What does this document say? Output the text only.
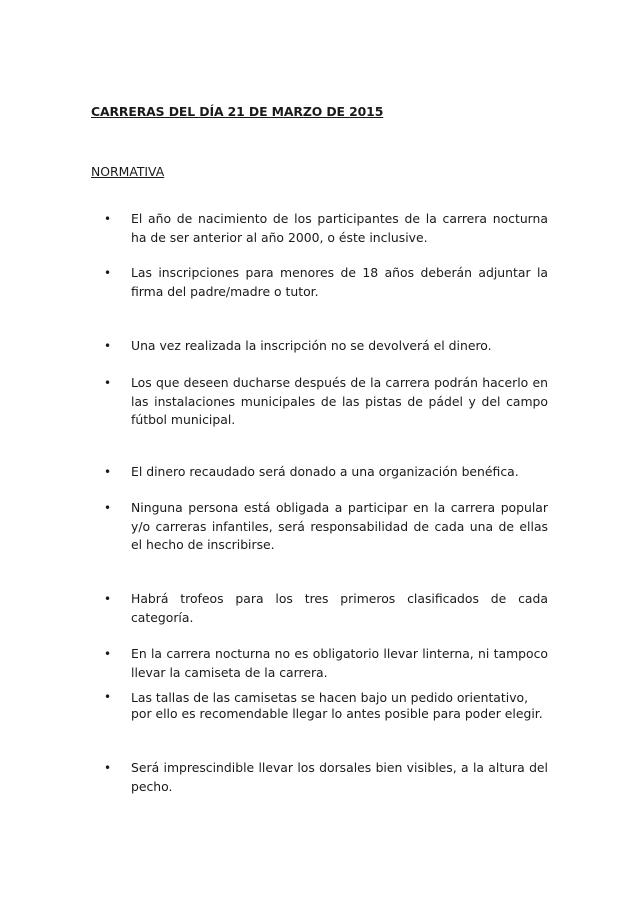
CARRERAS DEL DÍA 21 DE MARZO DE 2015
NORMATIVA
• El año de nacimiento de los participantes de la carrera nocturna ha de ser anterior al año 2000, o éste inclusive.
• Las inscripciones para menores de 18 años deberán adjuntar la firma del padre/madre o tutor.
• Una vez realizada la inscripción no se devolverá el dinero.
• Los que deseen ducharse después de la carrera podrán hacerlo en las instalaciones municipales de las pistas de pádel y del campo fútbol municipal.
• El dinero recaudado será donado a una organización benéfica.
• Ninguna persona está obligada a participar en la carrera popular y/o carreras infantiles, será responsabilidad de cada una de ellas el hecho de inscribirse.
• Habrá trofeos para los tres primeros clasificados de cada categoría.
• En la carrera nocturna no es obligatorio llevar linterna, ni tampoco llevar la camiseta de la carrera.
• Las tallas de las camisetas se hacen bajo un pedido orientativo, por ello es recomendable llegar lo antes posible para poder elegir.
• Será imprescindible llevar los dorsales bien visibles, a la altura del pecho.
